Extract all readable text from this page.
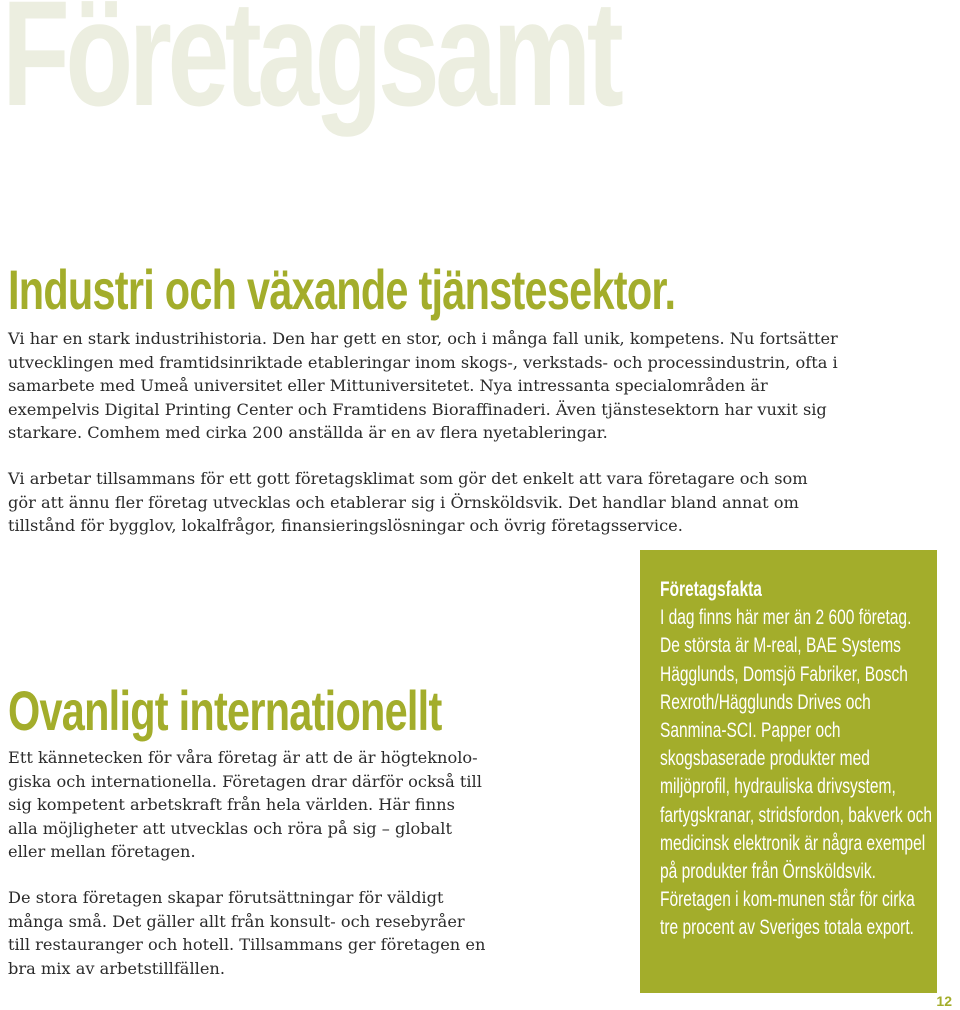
Företagsamt
Industri och växande tjänstesektor.

Vi har en stark industrihistoria. Den har gett en stor, och i många fall unik, kompetens. Nu fortsätter utvecklingen med framtidsinriktade etableringar inom skogs-, verkstads- och processindustrin, ofta i samarbete med Umeå universitet eller Mittuniversitetet. Nya intressanta specialområden är exempelvis Digital Printing Center och Framtidens Bioraffinaderi. Även tjänstesektorn har vuxit sig starkare. Comhem med cirka 200 anställda är en av flera nyetableringar.

Vi arbetar tillsammans för ett gott företagsklimat som gör det enkelt att vara företagare och som gör att ännu fler företag utvecklas och etablerar sig i Örnsköldsvik. Det handlar bland annat om tillstånd för bygglov, lokalfrågor, finansieringslösningar och övrig företagsservice.

Ovanligt internationellt

Ett kännetecken för våra företag är att de är högteknolo-giska och internationella. Företagen drar därför också till sig kompetent arbetskraft från hela världen. Här finns alla möjligheter att utvecklas och röra på sig – globalt eller mellan företagen.

De stora företagen skapar förutsättningar för väldigt många små. Det gäller allt från konsult- och resebyråer till restauranger och hotell. Tillsammans ger företagen en bra mix av arbetstillfällen.

Företagsfakta
I dag finns här mer än 2 600 företag. De största är M-real, BAE Systems Hägglunds, Domsjö Fabriker, Bosch Rexroth/Hägglunds Drives och Sanmina-SCI. Papper och skogsbaserade produkter med miljöprofil, hydrauliska drivsystem, fartygskranar, stridsfordon, bakverk och medicinsk elektronik är några exempel på produkter från Örnsköldsvik. Företagen i kom-munen står för cirka tre procent av Sveriges totala export.

12
